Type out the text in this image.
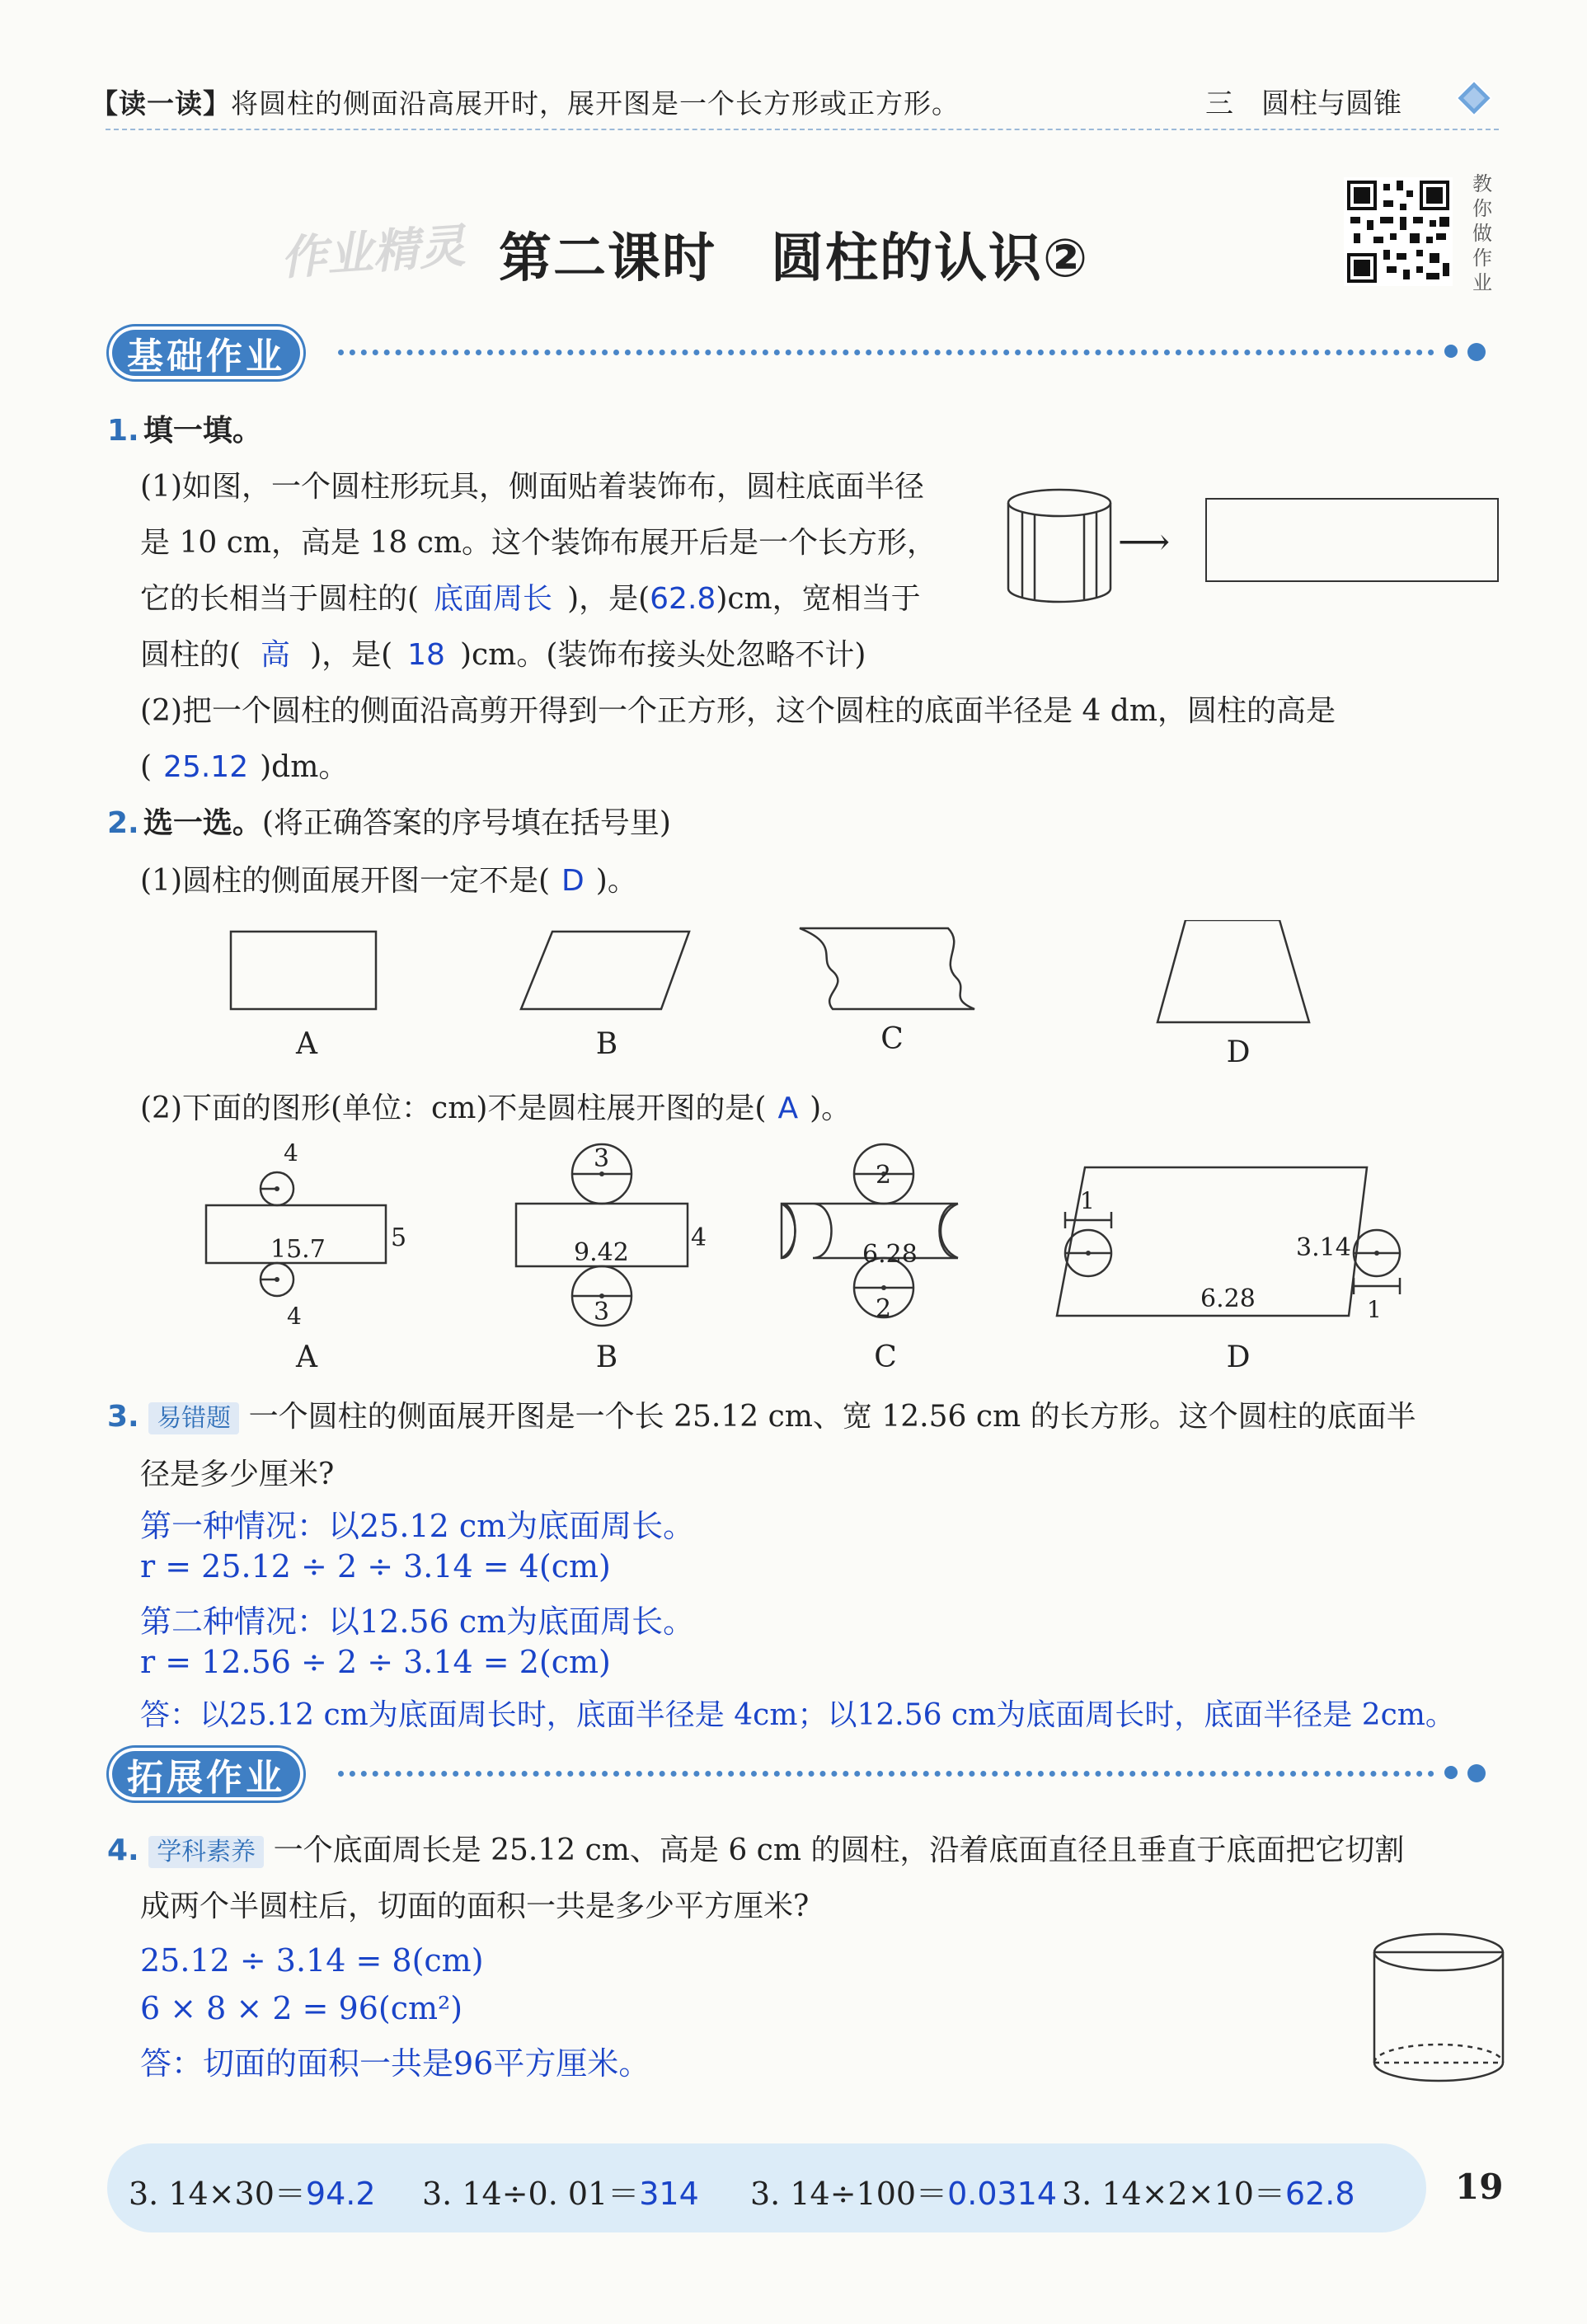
【读一读】将圆柱的侧面沿高展开时，展开图是一个长方形或正方形。	三　圆柱与圆锥
作业精灵 第二课时　圆柱的认识②
教
你
做
作
业
基础作业
1. 填一填。
(1)如图，一个圆柱形玩具，侧面贴着装饰布，圆柱底面半径
是 10 cm，高是 18 cm。这个装饰布展开后是一个长方形，
它的长相当于圆柱的( 底面周长 )，是(62.8)cm，宽相当于
圆柱的( 高 )，是( 18 )cm。(装饰布接头处忽略不计)
⟶
(2)把一个圆柱的侧面沿高剪开得到一个正方形，这个圆柱的底面半径是 4 dm，圆柱的高是
( 25.12 )dm。
2. 选一选。(将正确答案的序号填在括号里)
(1)圆柱的侧面展开图一定不是( D )。
A	B	C	D
(2)下面的图形(单位：cm)不是圆柱展开图的是( A )。
4
15.7	5
4
3
9.42
4
3
2
6.28
2
1
3.14
6.28	1
A	B	C	D
3. 易错题 一个圆柱的侧面展开图是一个长 25.12 cm、宽 12.56 cm 的长方形。这个圆柱的底面半
径是多少厘米?
第一种情况：以25.12 cm为底面周长。
r = 25.12 ÷ 2 ÷ 3.14 = 4(cm)
第二种情况：以12.56 cm为底面周长。
r = 12.56 ÷ 2 ÷ 3.14 = 2(cm)
答：以25.12 cm为底面周长时，底面半径是 4cm；以12.56 cm为底面周长时，底面半径是 2cm。
拓展作业
4. 学科素养 一个底面周长是 25.12 cm、高是 6 cm 的圆柱，沿着底面直径且垂直于底面把它切割
成两个半圆柱后，切面的面积一共是多少平方厘米?
25.12 ÷ 3.14 = 8(cm)
6 × 8 × 2 = 96(cm²)
答：切面的面积一共是96平方厘米。
3. 14×30＝94.2 3. 14÷0. 01＝314 3. 14÷100＝0.0314 3. 14×2×10＝62.8	19
